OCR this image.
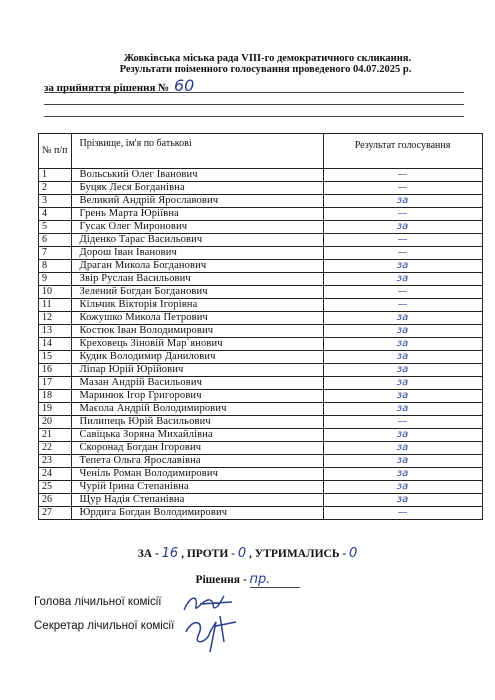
Жовківська міська рада VIII-го демократичного скликання.
Результати поіменного голосування проведеного 04.07.2025 р.
за прийняття рішення № 60
№ п/п	Прізвище, ім'я по батькові	Результат голосування
1	Вольський Олег Іванович	—
2	Буцяк Леся Богданівна	—
3	Великий Андрій Ярославович	за
4	Грень Марта Юріївна	—
5	Гусак Олег Миронович	за
6	Діденко Тарас Васильович	—
7	Дорош Іван Іванович	—
8	Драган Микола Богданович	за
9	Звір Руслан Васильович	за
10	Зелений Богдан Богданович	—
11	Кільчик Вікторія Ігорівна	—
12	Кожушко Микола Петрович	за
13	Костюк Іван Володимирович	за
14	Креховець Зіновій Мар`янович	за
15	Кудик Володимир Данилович	за
16	Ліпар Юрій Юрійович	за
17	Мазан Андрій Васильович	за
18	Маринюк Ігор Григорович	за
19	Маєола Андрій Володимирович	за
20	Пилипець Юрій Васильович	—
21	Савіцька Зоряна Михайлівна	за
22	Скоронад Богдан Ігорович	за
23	Тепета Ольга Ярославівна	за
24	Ченіль Роман Володимирович	за
25	Чурій Ірина Степанівна	за
26	Щур Надія Степанівна	за
27	Юрдига Богдан Володимирович	—
ЗА - 16 , ПРОТИ - 0 , УТРИМАЛИСЬ - 0
Рішення - пр.
Голова лічильної комісії
Секретар лічильної комісії
